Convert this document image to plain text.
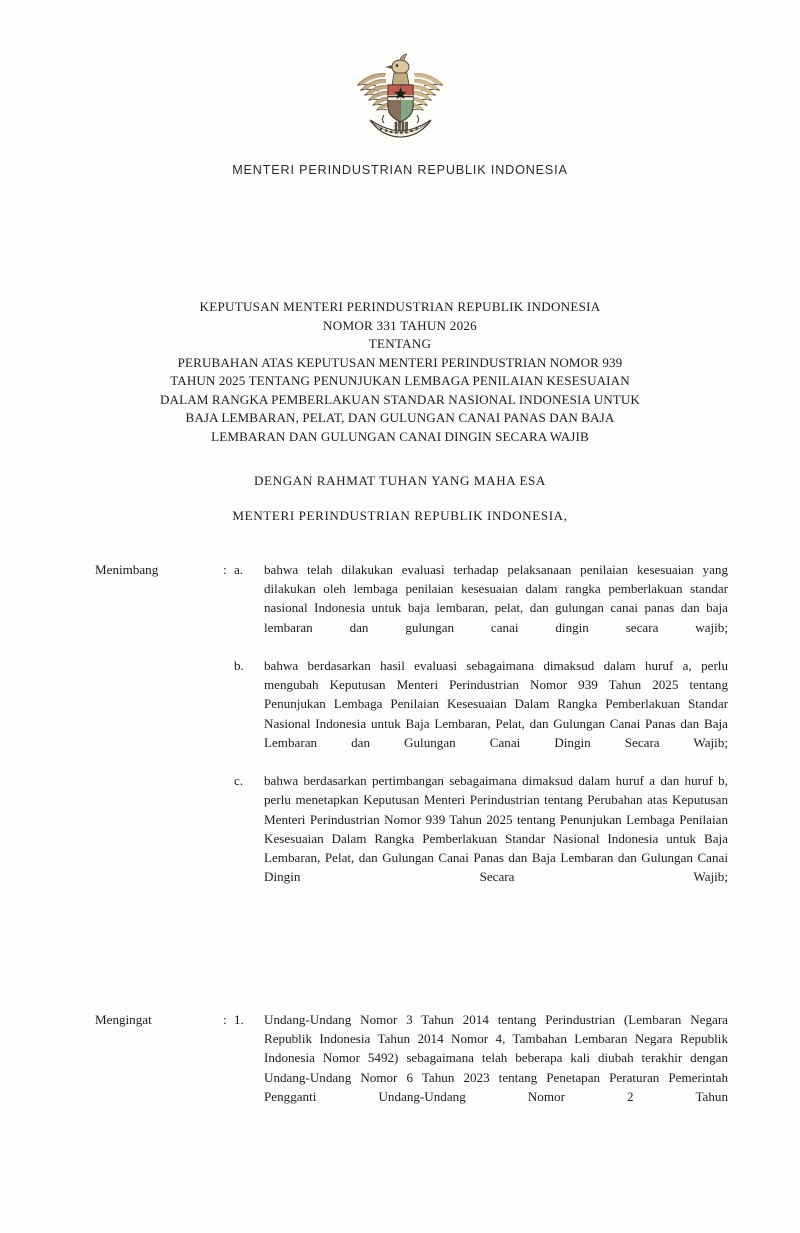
MENTERI PERINDUSTRIAN REPUBLIK INDONESIA
KEPUTUSAN MENTERI PERINDUSTRIAN REPUBLIK INDONESIA
NOMOR 331 TAHUN 2026
TENTANG
PERUBAHAN ATAS KEPUTUSAN MENTERI PERINDUSTRIAN NOMOR 939
TAHUN 2025 TENTANG PENUNJUKAN LEMBAGA PENILAIAN KESESUAIAN
DALAM RANGKA PEMBERLAKUAN STANDAR NASIONAL INDONESIA UNTUK
BAJA LEMBARAN, PELAT, DAN GULUNGAN CANAI PANAS DAN BAJA
LEMBARAN DAN GULUNGAN CANAI DINGIN SECARA WAJIB
DENGAN RAHMAT TUHAN YANG MAHA ESA
MENTERI PERINDUSTRIAN REPUBLIK INDONESIA,
Menimbang	: a.	bahwa telah dilakukan evaluasi terhadap pelaksanaan penilaian kesesuaian yang dilakukan oleh lembaga penilaian kesesuaian dalam rangka pemberlakuan standar nasional Indonesia untuk baja lembaran, pelat, dan gulungan canai panas dan baja lembaran dan gulungan canai dingin secara wajib;
b.	bahwa berdasarkan hasil evaluasi sebagaimana dimaksud dalam huruf a, perlu mengubah Keputusan Menteri Perindustrian Nomor 939 Tahun 2025 tentang Penunjukan Lembaga Penilaian Kesesuaian Dalam Rangka Pemberlakuan Standar Nasional Indonesia untuk Baja Lembaran, Pelat, dan Gulungan Canai Panas dan Baja Lembaran dan Gulungan Canai Dingin Secara Wajib;
c.	bahwa berdasarkan pertimbangan sebagaimana dimaksud dalam huruf a dan huruf b, perlu menetapkan Keputusan Menteri Perindustrian tentang Perubahan atas Keputusan Menteri Perindustrian Nomor 939 Tahun 2025 tentang Penunjukan Lembaga Penilaian Kesesuaian Dalam Rangka Pemberlakuan Standar Nasional Indonesia untuk Baja Lembaran, Pelat, dan Gulungan Canai Panas dan Baja Lembaran dan Gulungan Canai Dingin Secara Wajib;
Mengingat	: 1.	Undang-Undang Nomor 3 Tahun 2014 tentang Perindustrian (Lembaran Negara Republik Indonesia Tahun 2014 Nomor 4, Tambahan Lembaran Negara Republik Indonesia Nomor 5492) sebagaimana telah beberapa kali diubah terakhir dengan Undang-Undang Nomor 6 Tahun 2023 tentang Penetapan Peraturan Pemerintah Pengganti Undang-Undang Nomor 2 Tahun
